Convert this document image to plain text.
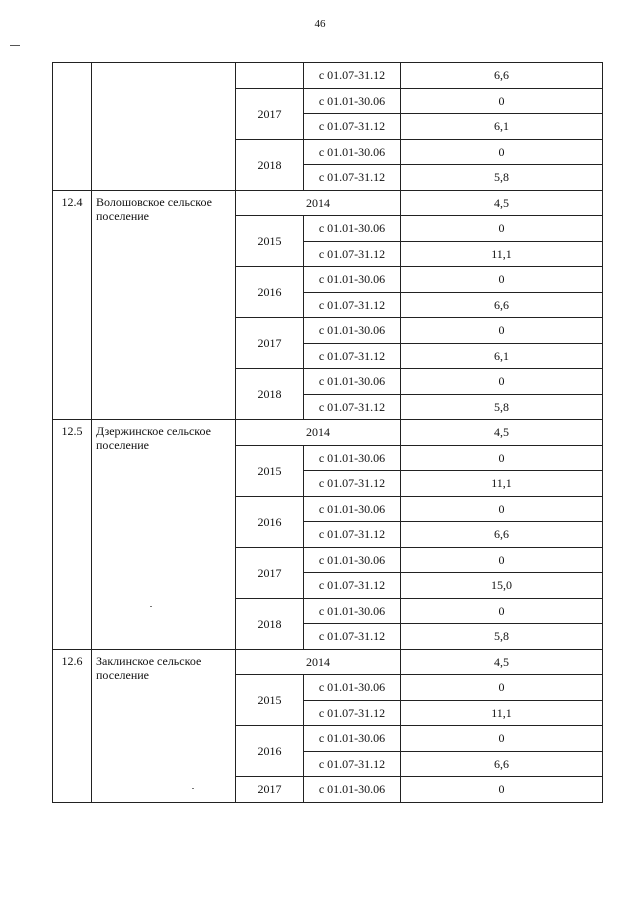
46
			с 01.07-31.12	6,6
		2017	с 01.01-30.06	0
			с 01.07-31.12	6,1
		2018	с 01.01-30.06	0
			с 01.07-31.12	5,8
12.4	Волошовское сельское поселение	2014		4,5
		2015	с 01.01-30.06	0
			с 01.07-31.12	11,1
		2016	с 01.01-30.06	0
			с 01.07-31.12	6,6
		2017	с 01.01-30.06	0
			с 01.07-31.12	6,1
		2018	с 01.01-30.06	0
			с 01.07-31.12	5,8
12.5	Дзержинское сельское поселение	2014		4,5
		2015	с 01.01-30.06	0
			с 01.07-31.12	11,1
		2016	с 01.01-30.06	0
			с 01.07-31.12	6,6
		2017	с 01.01-30.06	0
			с 01.07-31.12	15,0
		2018	с 01.01-30.06	0
			с 01.07-31.12	5,8
12.6	Заклинское сельское поселение	2014		4,5
		2015	с 01.01-30.06	0
			с 01.07-31.12	11,1
		2016	с 01.01-30.06	0
			с 01.07-31.12	6,6
		2017	с 01.01-30.06	0
